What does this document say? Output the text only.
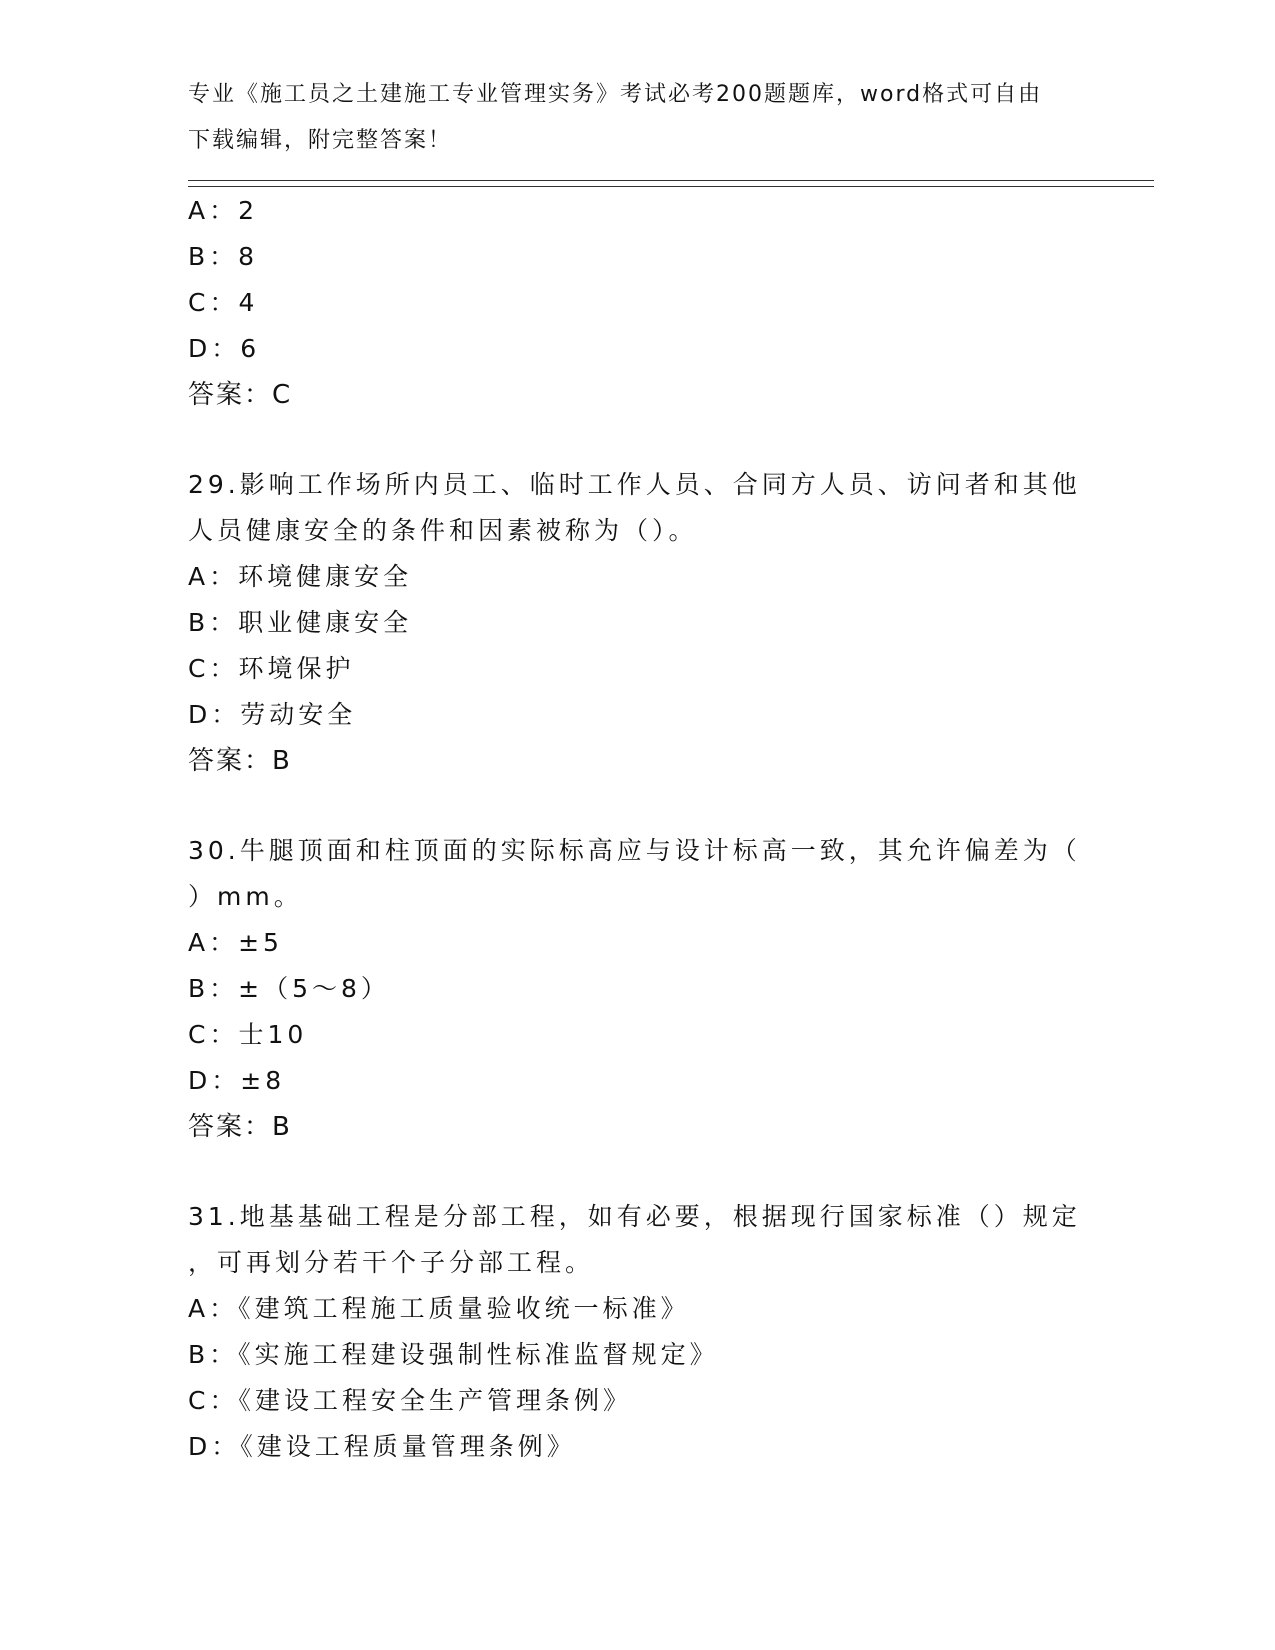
专业《施工员之土建施工专业管理实务》考试必考200题题库，word格式可自由
下载编辑，附完整答案！
A：2
B：8
C：4
D：6
答案：C
29.影响工作场所内员工、临时工作人员、合同方人员、访问者和其他
人员健康安全的条件和因素被称为（）。
A：环境健康安全
B：职业健康安全
C：环境保护
D：劳动安全
答案：B
30.牛腿顶面和柱顶面的实际标高应与设计标高一致，其允许偏差为（
）mm。
A：±5
B：±（5～8）
C：士10
D：±8
答案：B
31.地基基础工程是分部工程，如有必要，根据现行国家标准（）规定
，可再划分若干个子分部工程。
A：《建筑工程施工质量验收统一标准》
B：《实施工程建设强制性标准监督规定》
C：《建设工程安全生产管理条例》
D：《建设工程质量管理条例》
